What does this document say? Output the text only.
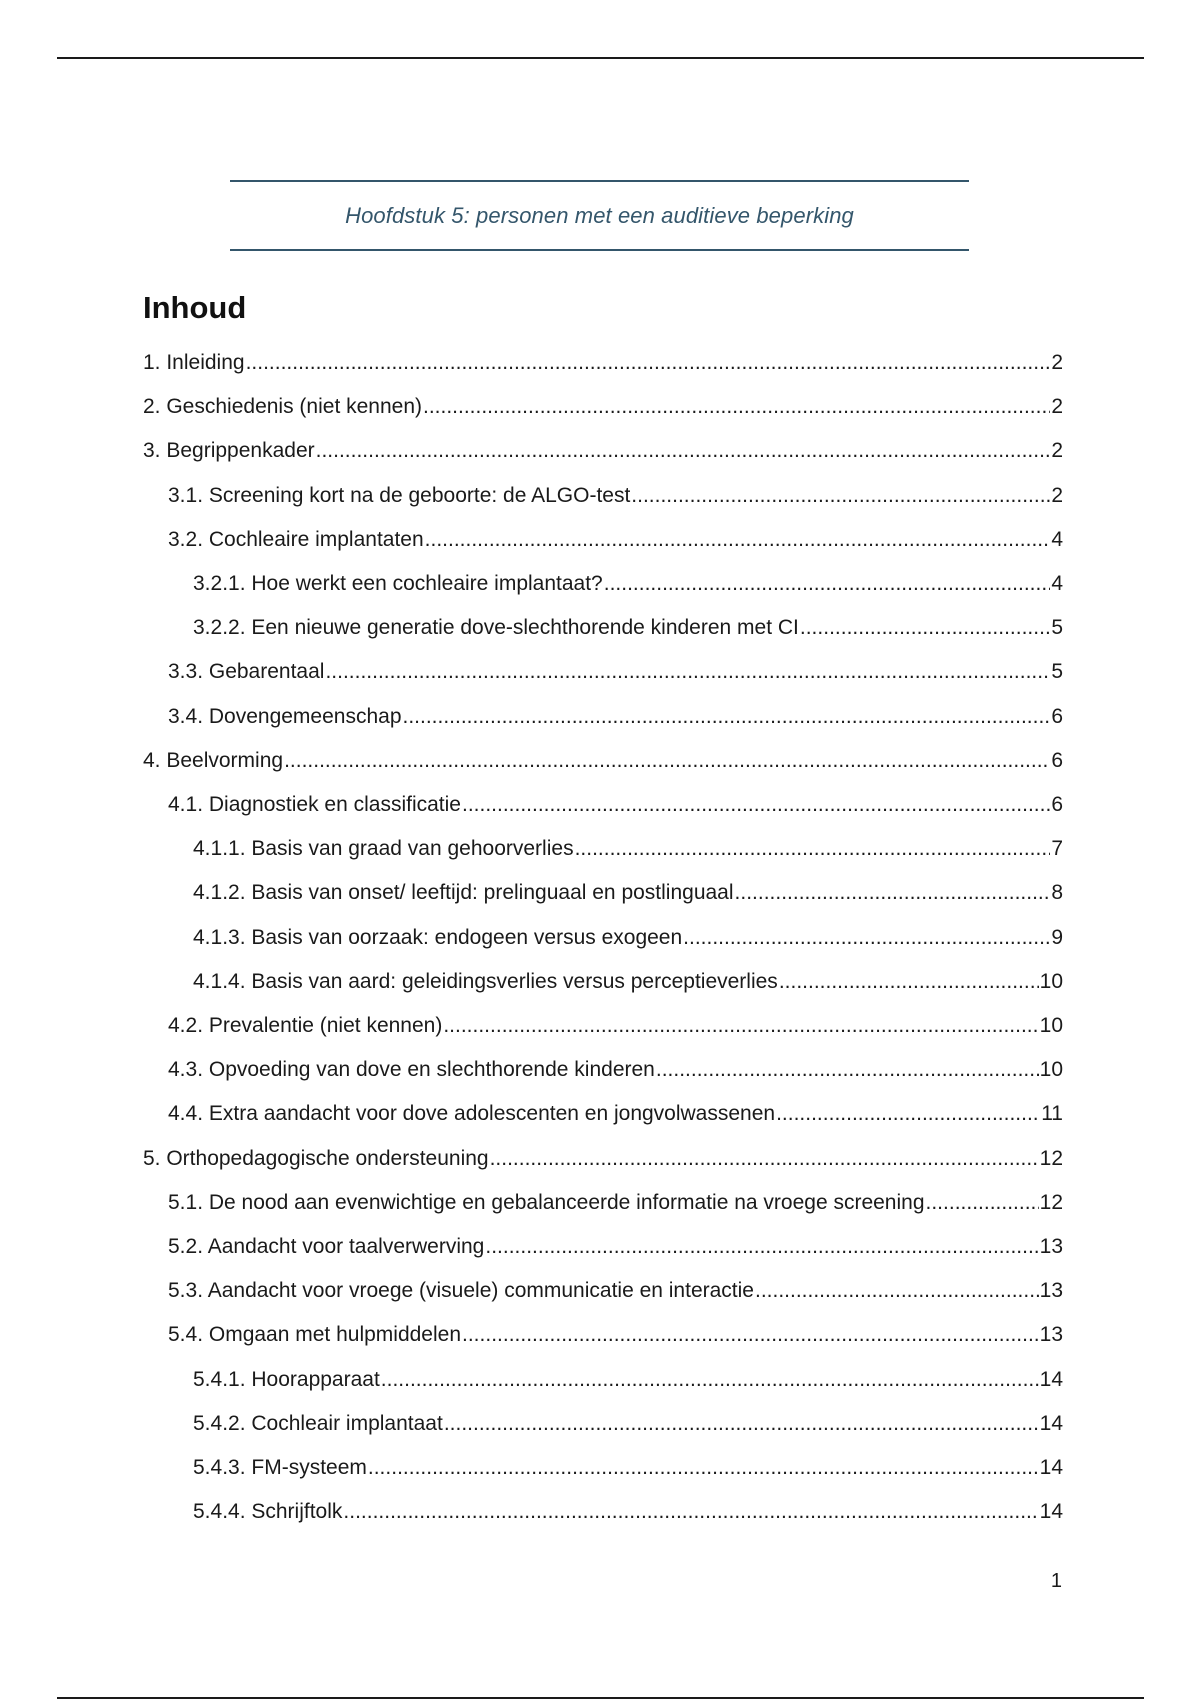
Hoofdstuk 5: personen met een auditieve beperking
Inhoud
1. Inleiding .....	2
2. Geschiedenis (niet kennen) .....	2
3. Begrippenkader .....	2
3.1. Screening kort na de geboorte: de ALGO-test .....	2
3.2. Cochleaire implantaten .....	4
3.2.1. Hoe werkt een cochleaire implantaat? .....	4
3.2.2. Een nieuwe generatie dove-slechthorende kinderen met CI .....	5
3.3. Gebarentaal .....	5
3.4. Dovengemeenschap .....	6
4. Beelvorming .....	6
4.1. Diagnostiek en classificatie .....	6
4.1.1. Basis van graad van gehoorverlies .....	7
4.1.2. Basis van onset/ leeftijd: prelinguaal en postlinguaal .....	8
4.1.3. Basis van oorzaak: endogeen versus exogeen .....	9
4.1.4. Basis van aard: geleidingsverlies versus perceptieverlies .....	10
4.2. Prevalentie (niet kennen) .....	10
4.3. Opvoeding van dove en slechthorende kinderen .....	10
4.4. Extra aandacht voor dove adolescenten en jongvolwassenen .....	11
5. Orthopedagogische ondersteuning .....	12
5.1. De nood aan evenwichtige en gebalanceerde informatie na vroege screening .....	12
5.2. Aandacht voor taalverwerving .....	13
5.3. Aandacht voor vroege (visuele) communicatie en interactie .....	13
5.4. Omgaan met hulpmiddelen .....	13
5.4.1. Hoorapparaat .....	14
5.4.2. Cochleair implantaat .....	14
5.4.3. FM-systeem .....	14
5.4.4. Schrijftolk .....	14
1
